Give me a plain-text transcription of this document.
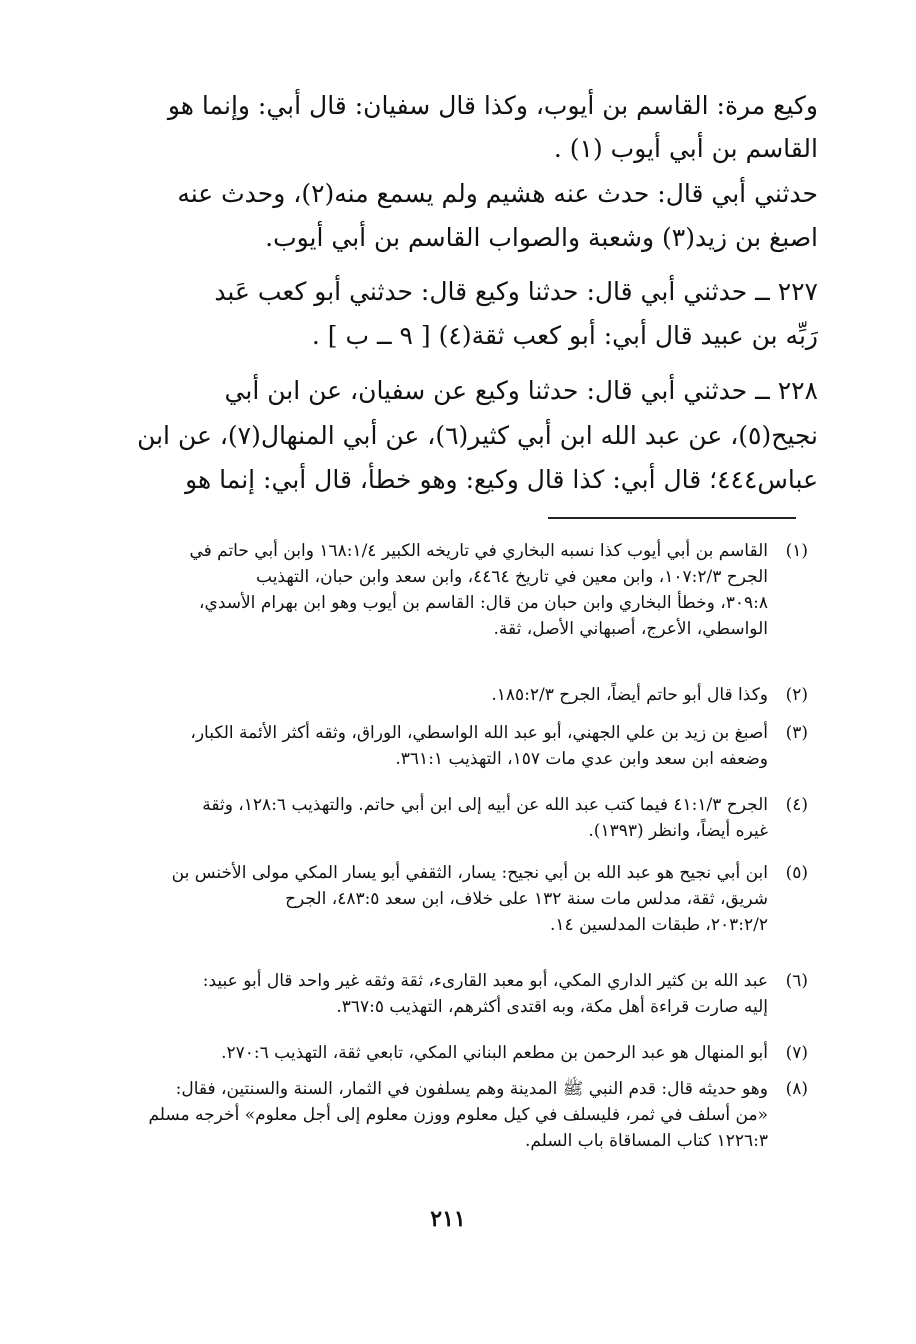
وكيع مرة: القاسم بن أيوب، وكذا قال سفيان: قال أبي: وإنما هو
القاسم بن أبي أيوب (١) .
حدثني أبي قال: حدث عنه هشيم ولم يسمع منه(٢)، وحدث عنه
اصبغ بن زيد(٣) وشعبة والصواب القاسم بن أبي أيوب.
٢٢٧ ــ حدثني أبي قال: حدثنا وكيع قال: حدثني أبو كعب عَبد
رَبِّه بن عبيد قال أبي: أبو كعب ثقة(٤) [ ٩ ــ ب ] .
٢٢٨ ــ حدثني أبي قال: حدثنا وكيع عن سفيان، عن ابن أبي
نجيح(٥)، عن عبد الله ابن أبي كثير(٦)، عن أبي المنهال(٧)، عن ابن
عباس٤٤٤؛ قال أبي: كذا قال وكيع: وهو خطأ، قال أبي: إنما هو
(١)
القاسم بن أبي أيوب كذا نسبه البخاري في تاريخه الكبير ١٦٨:١/٤ وابن أبي حاتم في
الجرح ١٠٧:٢/٣، وابن معين في تاريخ ٤٤٦٤، وابن سعد وابن حبان، التهذيب
٣٠٩:٨، وخطأ البخاري وابن حبان من قال: القاسم بن أيوب وهو ابن بهرام الأسدي،
الواسطي، الأعرج، أصبهاني الأصل، ثقة.
(٢)
وكذا قال أبو حاتم أيضاً، الجرح ١٨٥:٢/٣.
(٣)
أصبغ بن زيد بن علي الجهني، أبو عبد الله الواسطي، الوراق، وثقه أكثر الأئمة الكبار،
وضعفه ابن سعد وابن عدي مات ١٥٧، التهذيب ٣٦١:١.
(٤)
الجرح ٤١:١/٣ فيما كتب عبد الله عن أبيه إلى ابن أبي حاتم. والتهذيب ١٢٨:٦، وثقة
غيره أيضاً، وانظر (١٣٩٣).
(٥)
ابن أبي نجيح هو عبد الله بن أبي نجيح: يسار، الثقفي أبو يسار المكي مولى الأخنس بن
شريق، ثقة، مدلس مات سنة ١٣٢ على خلاف، ابن سعد ٤٨٣:٥، الجرح
٢٠٣:٢/٢، طبقات المدلسين ١٤.
(٦)
عبد الله بن كثير الداري المكي، أبو معبد القارىء، ثقة وثقه غير واحد قال أبو عبيد:
إليه صارت قراءة أهل مكة، وبه اقتدى أكثرهم، التهذيب ٣٦٧:٥.
(٧)
أبو المنهال هو عبد الرحمن بن مطعم البناني المكي، تابعي ثقة، التهذيب ٢٧٠:٦.
(٨)
وهو حديثه قال: قدم النبي ﷺ المدينة وهم يسلفون في الثمار، السنة والسنتين، فقال:
«من أسلف في ثمر، فليسلف في كيل معلوم ووزن معلوم إلى أجل معلوم» أخرجه مسلم
١٢٢٦:٣ كتاب المساقاة باب السلم.
٢١١
